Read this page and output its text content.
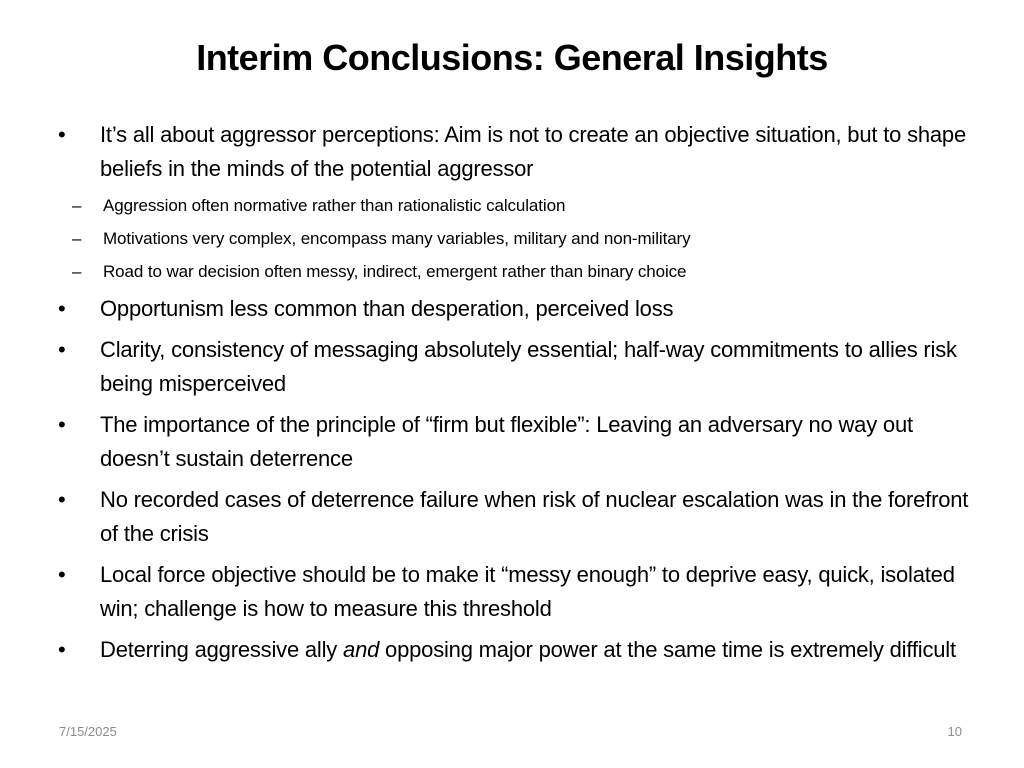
Interim Conclusions: General Insights
•	It’s all about aggressor perceptions: Aim is not to create an objective situation, but to shape beliefs in the minds of the potential aggressor
– Aggression often normative rather than rationalistic calculation
– Motivations very complex, encompass many variables, military and non-military
– Road to war decision often messy, indirect, emergent rather than binary choice
•	Opportunism less common than desperation, perceived loss
•	Clarity, consistency of messaging absolutely essential; half-way commitments to allies risk being misperceived
•	The importance of the principle of “firm but flexible”: Leaving an adversary no way out doesn’t sustain deterrence
•	No recorded cases of deterrence failure when risk of nuclear escalation was in the forefront of the crisis
•	Local force objective should be to make it “messy enough” to deprive easy, quick, isolated win; challenge is how to measure this threshold
•	Deterring aggressive ally and opposing major power at the same time is extremely difficult
7/15/2025	10
